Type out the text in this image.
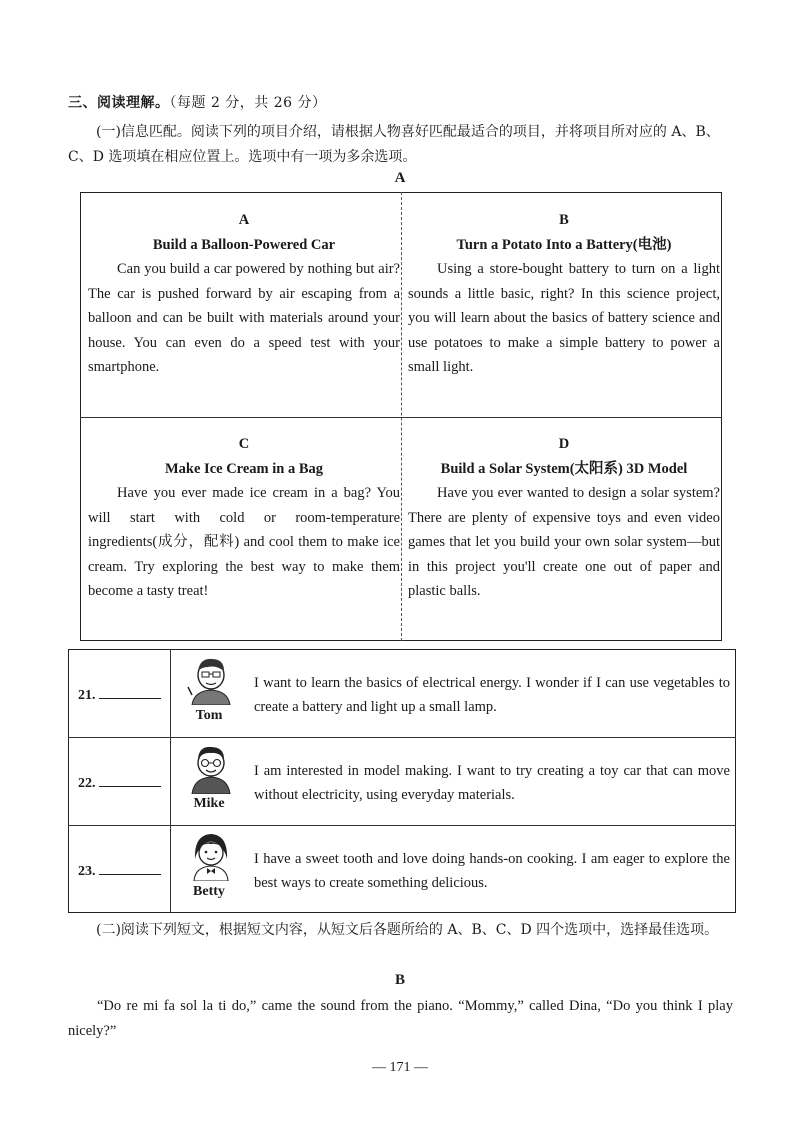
三、阅读理解。（每题 2 分，共 26 分）
(一)信息匹配。阅读下列的项目介绍，请根据人物喜好匹配最适合的项目，并将项目所对应的 A、B、C、D 选项填在相应位置上。选项中有一项为多余选项。
A
A
Build a Balloon-Powered Car
Can you build a car powered by nothing but air? The car is pushed forward by air escaping from a balloon and can be built with materials around your house. You can even do a speed test with your smartphone.
B
Turn a Potato Into a Battery(电池)
Using a store-bought battery to turn on a light sounds a little basic, right? In this science project, you will learn about the basics of battery science and use potatoes to make a simple battery to power a small light.
C
Make Ice Cream in a Bag
Have you ever made ice cream in a bag? You will start with cold or room-temperature ingredients(成分，配料) and cool them to make ice cream. Try exploring the best way to make them become a tasty treat!
D
Build a Solar System(太阳系) 3D Model
Have you ever wanted to design a solar system? There are plenty of expensive toys and even video games that let you build your own solar system—but in this project you'll create one out of paper and plastic balls.
21.
Tom
I want to learn the basics of electrical energy. I wonder if I can use vegetables to create a battery and light up a small lamp.
22.
Mike
I am interested in model making. I want to try creating a toy car that can move without electricity, using everyday materials.
23.
Betty
I have a sweet tooth and love doing hands-on cooking. I am eager to explore the best ways to create something delicious.
(二)阅读下列短文，根据短文内容，从短文后各题所给的 A、B、C、D 四个选项中，选择最佳选项。
B
“Do re mi fa sol la ti do,” came the sound from the piano. “Mommy,” called Dina, “Do you think I play nicely?”
— 171 —
